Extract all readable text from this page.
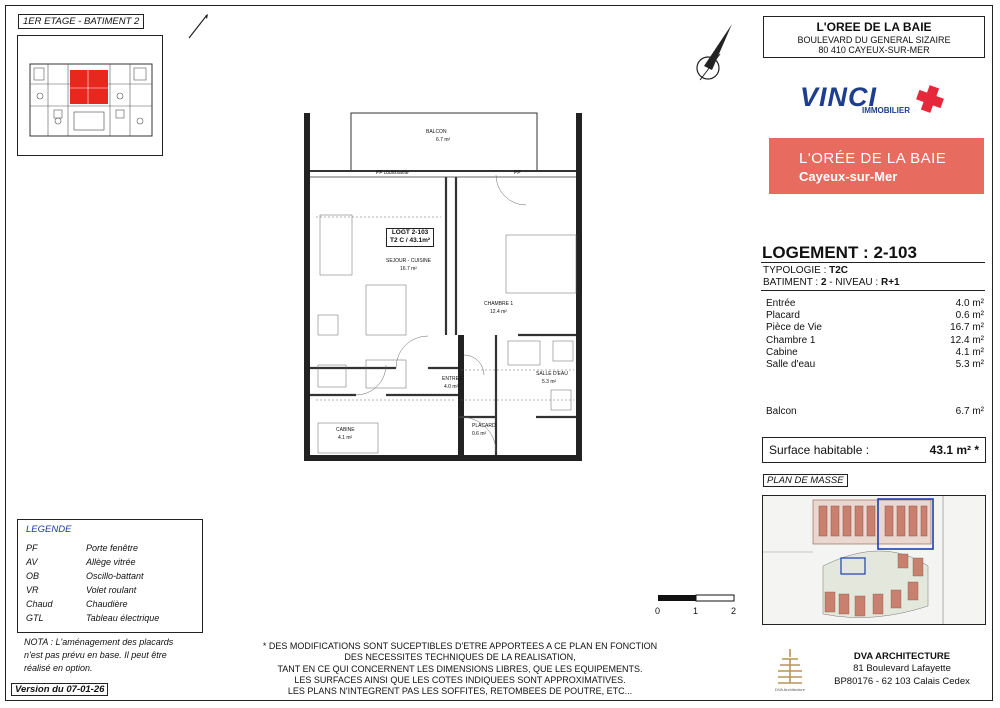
1ER ETAGE - BATIMENT 2
BALCON
6.7 m²
PF coulissante	PF
LOGT 2-103
T2 C / 43.1m²
SEJOUR - CUISINE
16.7 m²
CHAMBRE 1
12.4 m²
SALLE D'EAU
5.3 m²
ENTREE
4.0 m²
CABINE
4.1 m²
PLACARD
0.6 m²
L'OREE DE LA BAIE
BOULEVARD DU GENERAL SIZAIRE
80 410 CAYEUX-SUR-MER
VINCI
IMMOBILIER
L'ORÉE DE LA BAIE
Cayeux-sur-Mer
LOGEMENT : 2-103
TYPOLOGIE : T2C
BATIMENT : 2 - NIVEAU : R+1
Entrée	4.0 m²
Placard	0.6 m²
Pièce de Vie	16.7 m²
Chambre 1	12.4 m²
Cabine	4.1 m²
Salle d'eau	5.3 m²
Balcon	6.7 m²
Surface habitable :	43.1 m² *
PLAN DE MASSE
0	1	2
LEGENDE
PF	Porte fenêtre
AV	Allège vitrée
OB	Oscillo-battant
VR	Volet roulant
Chaud	Chaudière
GTL	Tableau électrique
NOTA : L'aménagement des placards
n'est pas prévu en base. Il peut être
réalisé en option.
Version du 07-01-26
* DES MODIFICATIONS SONT SUCEPTIBLES D'ETRE APPORTEES A CE PLAN EN FONCTION
DES NECESSITES TECHNIQUES DE LA REALISATION,
TANT EN CE QUI CONCERNENT LES DIMENSIONS LIBRES, QUE LES EQUIPEMENTS.
LES SURFACES AINSI QUE LES COTES INDIQUEES SONT APPROXIMATIVES.
LES PLANS N'INTEGRENT PAS LES SOFFITES, RETOMBEES DE POUTRE, ETC...	DVA Architecture
DVA ARCHITECTURE
81 Boulevard Lafayette
BP80176 - 62 103 Calais Cedex
